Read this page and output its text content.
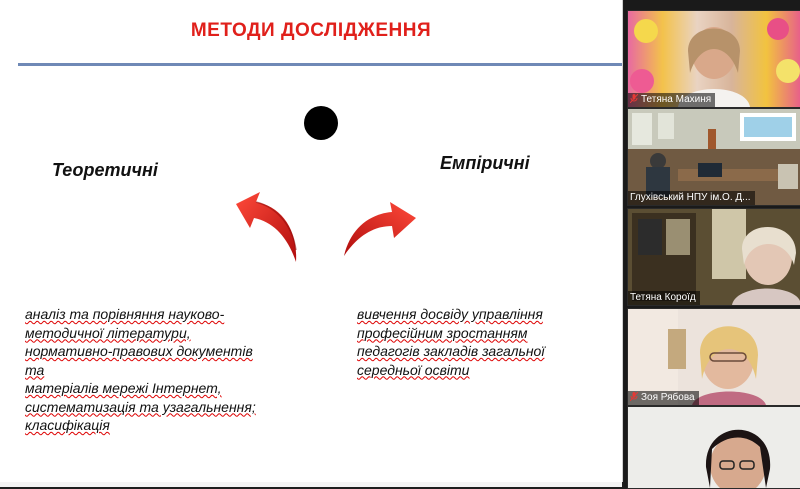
МЕТОДИ ДОСЛІДЖЕННЯ
Теоретичні	Емпіричні
аналіз та порівняння науково-
методичної літератури,
нормативно-правових документів
та
матеріалів мережі Інтернет,
систематизація та узагальнення;
класифікація
вивчення досвіду управління
професійним зростанням
педагогів закладів загальної
середньої освіти
Тетяна Махиня
Глухівський НПУ ім.О. Д...
Тетяна Короїд
Зоя Рябова
